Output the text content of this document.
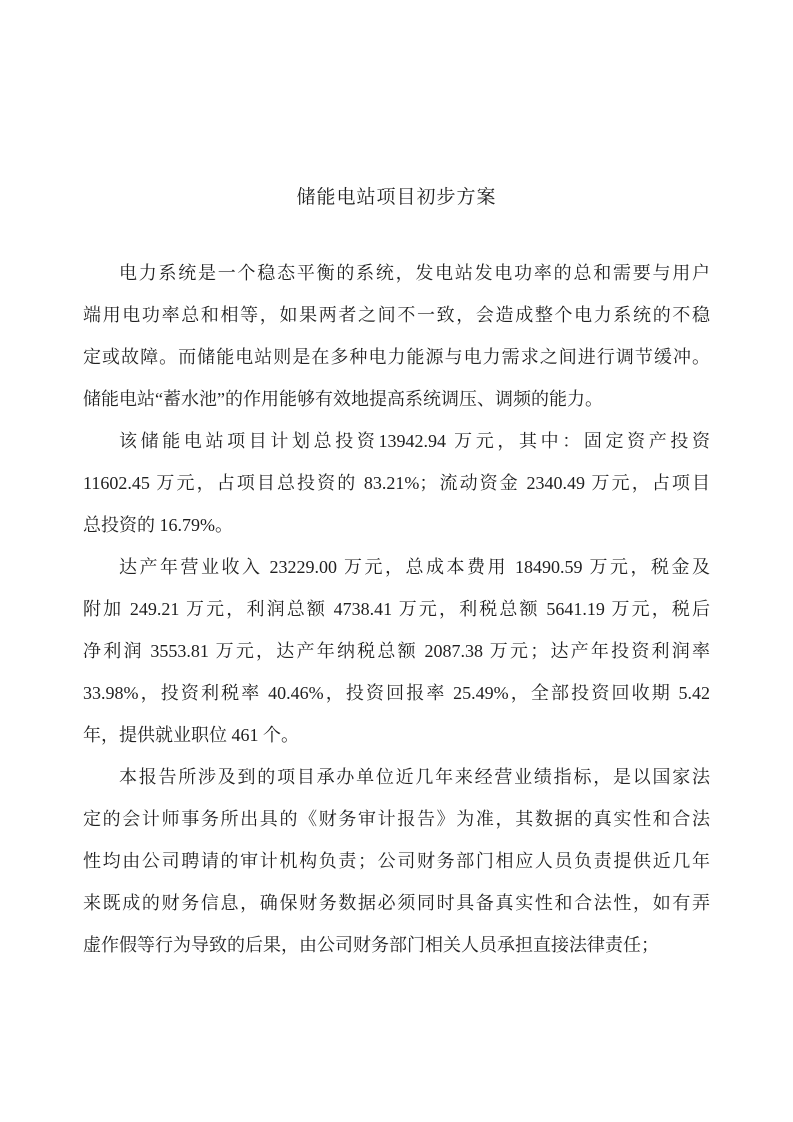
储能电站项目初步方案
电力系统是一个稳态平衡的系统，发电站发电功率的总和需要与用户
端用电功率总和相等，如果两者之间不一致，会造成整个电力系统的不稳
定或故障。而储能电站则是在多种电力能源与电力需求之间进行调节缓冲。
储能电站“蓄水池”的作用能够有效地提高系统调压、调频的能力。
该储能电站项目计划总投资13942.94 万元，其中：固定资产投资
11602.45 万元，占项目总投资的 83.21%；流动资金 2340.49 万元，占项目
总投资的 16.79%。
达产年营业收入 23229.00 万元，总成本费用 18490.59 万元，税金及
附加 249.21 万元，利润总额 4738.41 万元，利税总额 5641.19 万元，税后
净利润 3553.81 万元，达产年纳税总额 2087.38 万元；达产年投资利润率
33.98%，投资利税率 40.46%，投资回报率 25.49%，全部投资回收期 5.42
年，提供就业职位 461 个。
本报告所涉及到的项目承办单位近几年来经营业绩指标，是以国家法
定的会计师事务所出具的《财务审计报告》为准，其数据的真实性和合法
性均由公司聘请的审计机构负责；公司财务部门相应人员负责提供近几年
来既成的财务信息，确保财务数据必须同时具备真实性和合法性，如有弄
虚作假等行为导致的后果，由公司财务部门相关人员承担直接法律责任；
